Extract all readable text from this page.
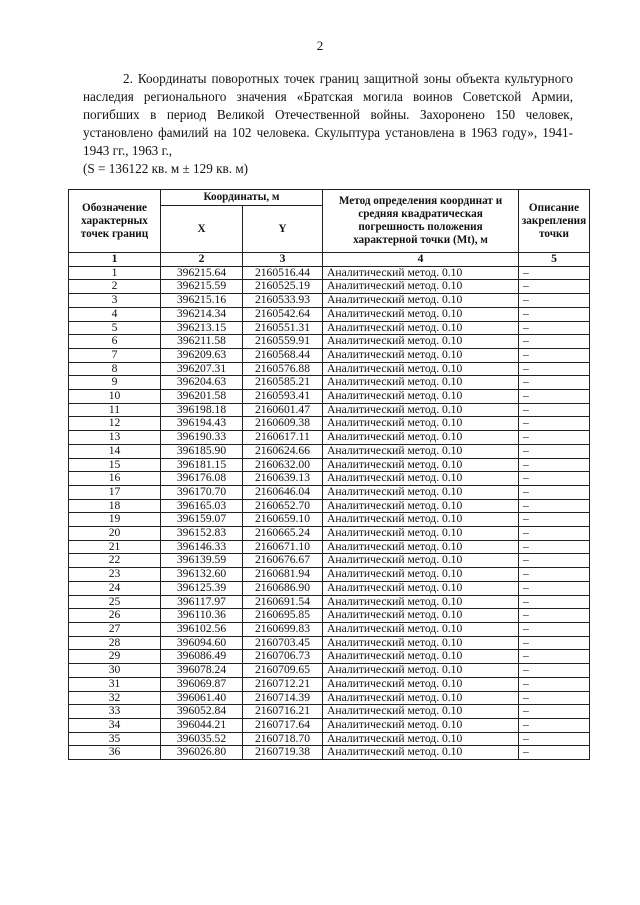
2

2. Координаты поворотных точек границ защитной зоны объекта культурного наследия регионального значения «Братская могила воинов Советской Армии, погибших в период Великой Отечественной войны. Захоронено 150 человек, установлено фамилий на 102 человека. Скульптура установлена в 1963 году», 1941-1943 гг., 1963 г.,

(S = 136122 кв. м ± 129 кв. м)

Обозначение характерных точек границ	Координаты, м		Метод определения координат и средняя квадратическая погрешность положения характерной точки (Mt), м	Описание закрепления точки
	X	Y		
1	2	3	4	5
1	396215.64	2160516.44	Аналитический метод. 0.10	–
2	396215.59	2160525.19	Аналитический метод. 0.10	–
3	396215.16	2160533.93	Аналитический метод. 0.10	–
4	396214.34	2160542.64	Аналитический метод. 0.10	–
5	396213.15	2160551.31	Аналитический метод. 0.10	–
6	396211.58	2160559.91	Аналитический метод. 0.10	–
7	396209.63	2160568.44	Аналитический метод. 0.10	–
8	396207.31	2160576.88	Аналитический метод. 0.10	–
9	396204.63	2160585.21	Аналитический метод. 0.10	–
10	396201.58	2160593.41	Аналитический метод. 0.10	–
11	396198.18	2160601.47	Аналитический метод. 0.10	–
12	396194.43	2160609.38	Аналитический метод. 0.10	–
13	396190.33	2160617.11	Аналитический метод. 0.10	–
14	396185.90	2160624.66	Аналитический метод. 0.10	–
15	396181.15	2160632.00	Аналитический метод. 0.10	–
16	396176.08	2160639.13	Аналитический метод. 0.10	–
17	396170.70	2160646.04	Аналитический метод. 0.10	–
18	396165.03	2160652.70	Аналитический метод. 0.10	–
19	396159.07	2160659.10	Аналитический метод. 0.10	–
20	396152.83	2160665.24	Аналитический метод. 0.10	–
21	396146.33	2160671.10	Аналитический метод. 0.10	–
22	396139.59	2160676.67	Аналитический метод. 0.10	–
23	396132.60	2160681.94	Аналитический метод. 0.10	–
24	396125.39	2160686.90	Аналитический метод. 0.10	–
25	396117.97	2160691.54	Аналитический метод. 0.10	–
26	396110.36	2160695.85	Аналитический метод. 0.10	–
27	396102.56	2160699.83	Аналитический метод. 0.10	–
28	396094.60	2160703.45	Аналитический метод. 0.10	–
29	396086.49	2160706.73	Аналитический метод. 0.10	–
30	396078.24	2160709.65	Аналитический метод. 0.10	–
31	396069.87	2160712.21	Аналитический метод. 0.10	–
32	396061.40	2160714.39	Аналитический метод. 0.10	–
33	396052.84	2160716.21	Аналитический метод. 0.10	–
34	396044.21	2160717.64	Аналитический метод. 0.10	–
35	396035.52	2160718.70	Аналитический метод. 0.10	–
36	396026.80	2160719.38	Аналитический метод. 0.10	–
